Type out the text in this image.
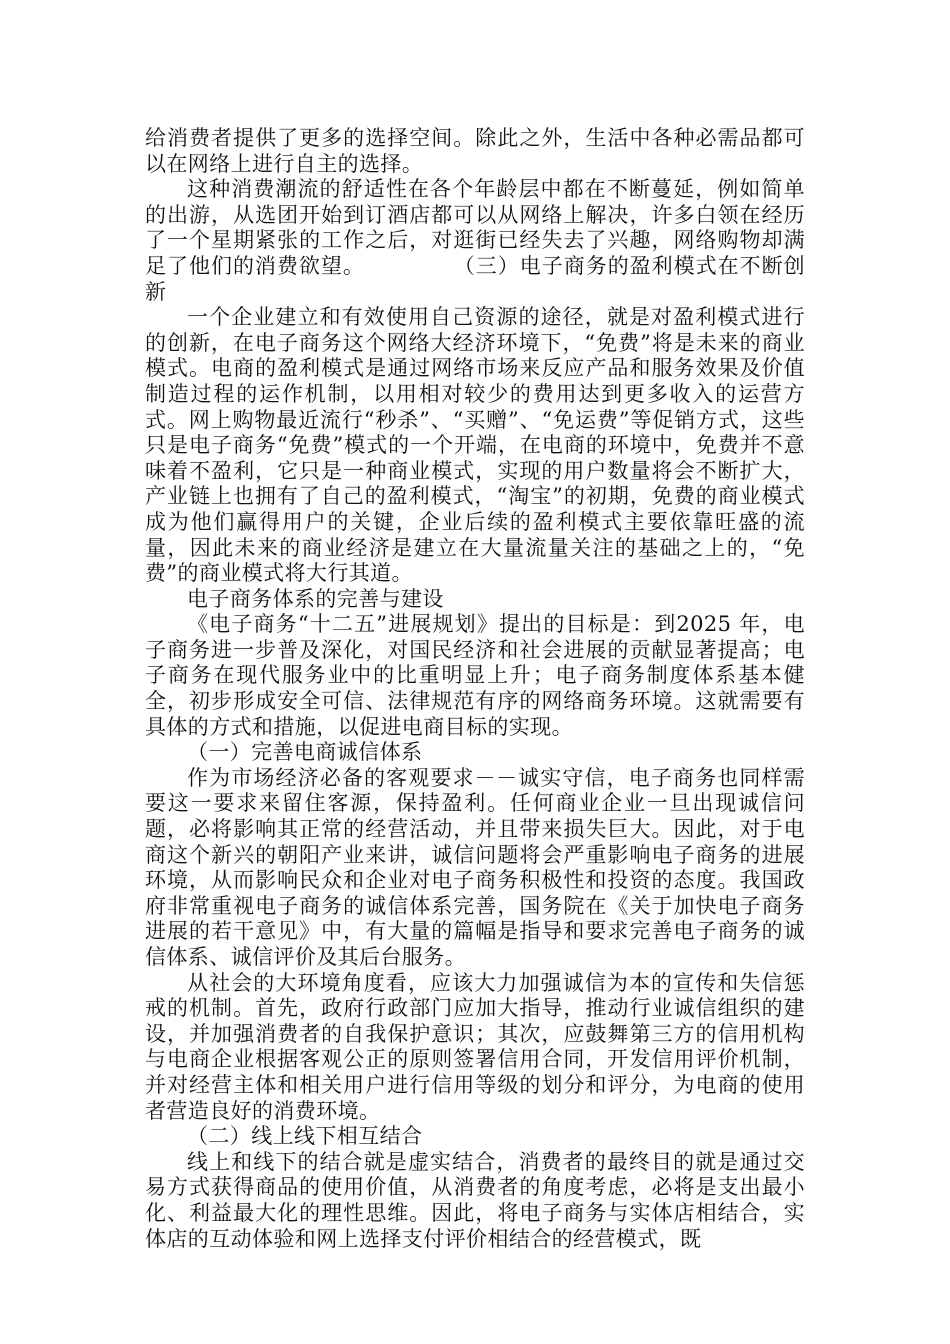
给消费者提供了更多的选择空间。除此之外，生活中各种必需品都可以在网络上进行自主的选择。

这种消费潮流的舒适性在各个年龄层中都在不断蔓延，例如简单的出游，从选团开始到订酒店都可以从网络上解决，许多白领在经历了一个星期紧张的工作之后，对逛街已经失去了兴趣，网络购物却满足了他们的消费欲望。　　　　　（三）电子商务的盈利模式在不断创新

一个企业建立和有效使用自己资源的途径，就是对盈利模式进行的创新，在电子商务这个网络大经济环境下，“免费”将是未来的商业模式。电商的盈利模式是通过网络市场来反应产品和服务效果及价值制造过程的运作机制，以用相对较少的费用达到更多收入的运营方式。网上购物最近流行“秒杀”、“买赠”、“免运费”等促销方式，这些只是电子商务“免费”模式的一个开端，在电商的环境中，免费并不意味着不盈利，它只是一种商业模式，实现的用户数量将会不断扩大，产业链上也拥有了自己的盈利模式，“淘宝”的初期，免费的商业模式成为他们赢得用户的关键，企业后续的盈利模式主要依靠旺盛的流量，因此未来的商业经济是建立在大量流量关注的基础之上的，“免费”的商业模式将大行其道。

电子商务体系的完善与建设

《电子商务“十二五”进展规划》提出的目标是：到2025 年，电子商务进一步普及深化，对国民经济和社会进展的贡献显著提高；电子商务在现代服务业中的比重明显上升；电子商务制度体系基本健全，初步形成安全可信、法律规范有序的网络商务环境。这就需要有具体的方式和措施，以促进电商目标的实现。

（一）完善电商诚信体系

作为市场经济必备的客观要求－－诚实守信，电子商务也同样需要这一要求来留住客源，保持盈利。任何商业企业一旦出现诚信问题，必将影响其正常的经营活动，并且带来损失巨大。因此，对于电商这个新兴的朝阳产业来讲，诚信问题将会严重影响电子商务的进展环境，从而影响民众和企业对电子商务积极性和投资的态度。我国政府非常重视电子商务的诚信体系完善，国务院在《关于加快电子商务进展的若干意见》中，有大量的篇幅是指导和要求完善电子商务的诚信体系、诚信评价及其后台服务。

从社会的大环境角度看，应该大力加强诚信为本的宣传和失信惩戒的机制。首先，政府行政部门应加大指导，推动行业诚信组织的建设，并加强消费者的自我保护意识；其次，应鼓舞第三方的信用机构与电商企业根据客观公正的原则签署信用合同，开发信用评价机制，并对经营主体和相关用户进行信用等级的划分和评分，为电商的使用者营造良好的消费环境。

（二）线上线下相互结合

线上和线下的结合就是虚实结合，消费者的最终目的就是通过交易方式获得商品的使用价值，从消费者的角度考虑，必将是支出最小化、利益最大化的理性思维。因此，将电子商务与实体店相结合，实体店的互动体验和网上选择支付评价相结合的经营模式，既
